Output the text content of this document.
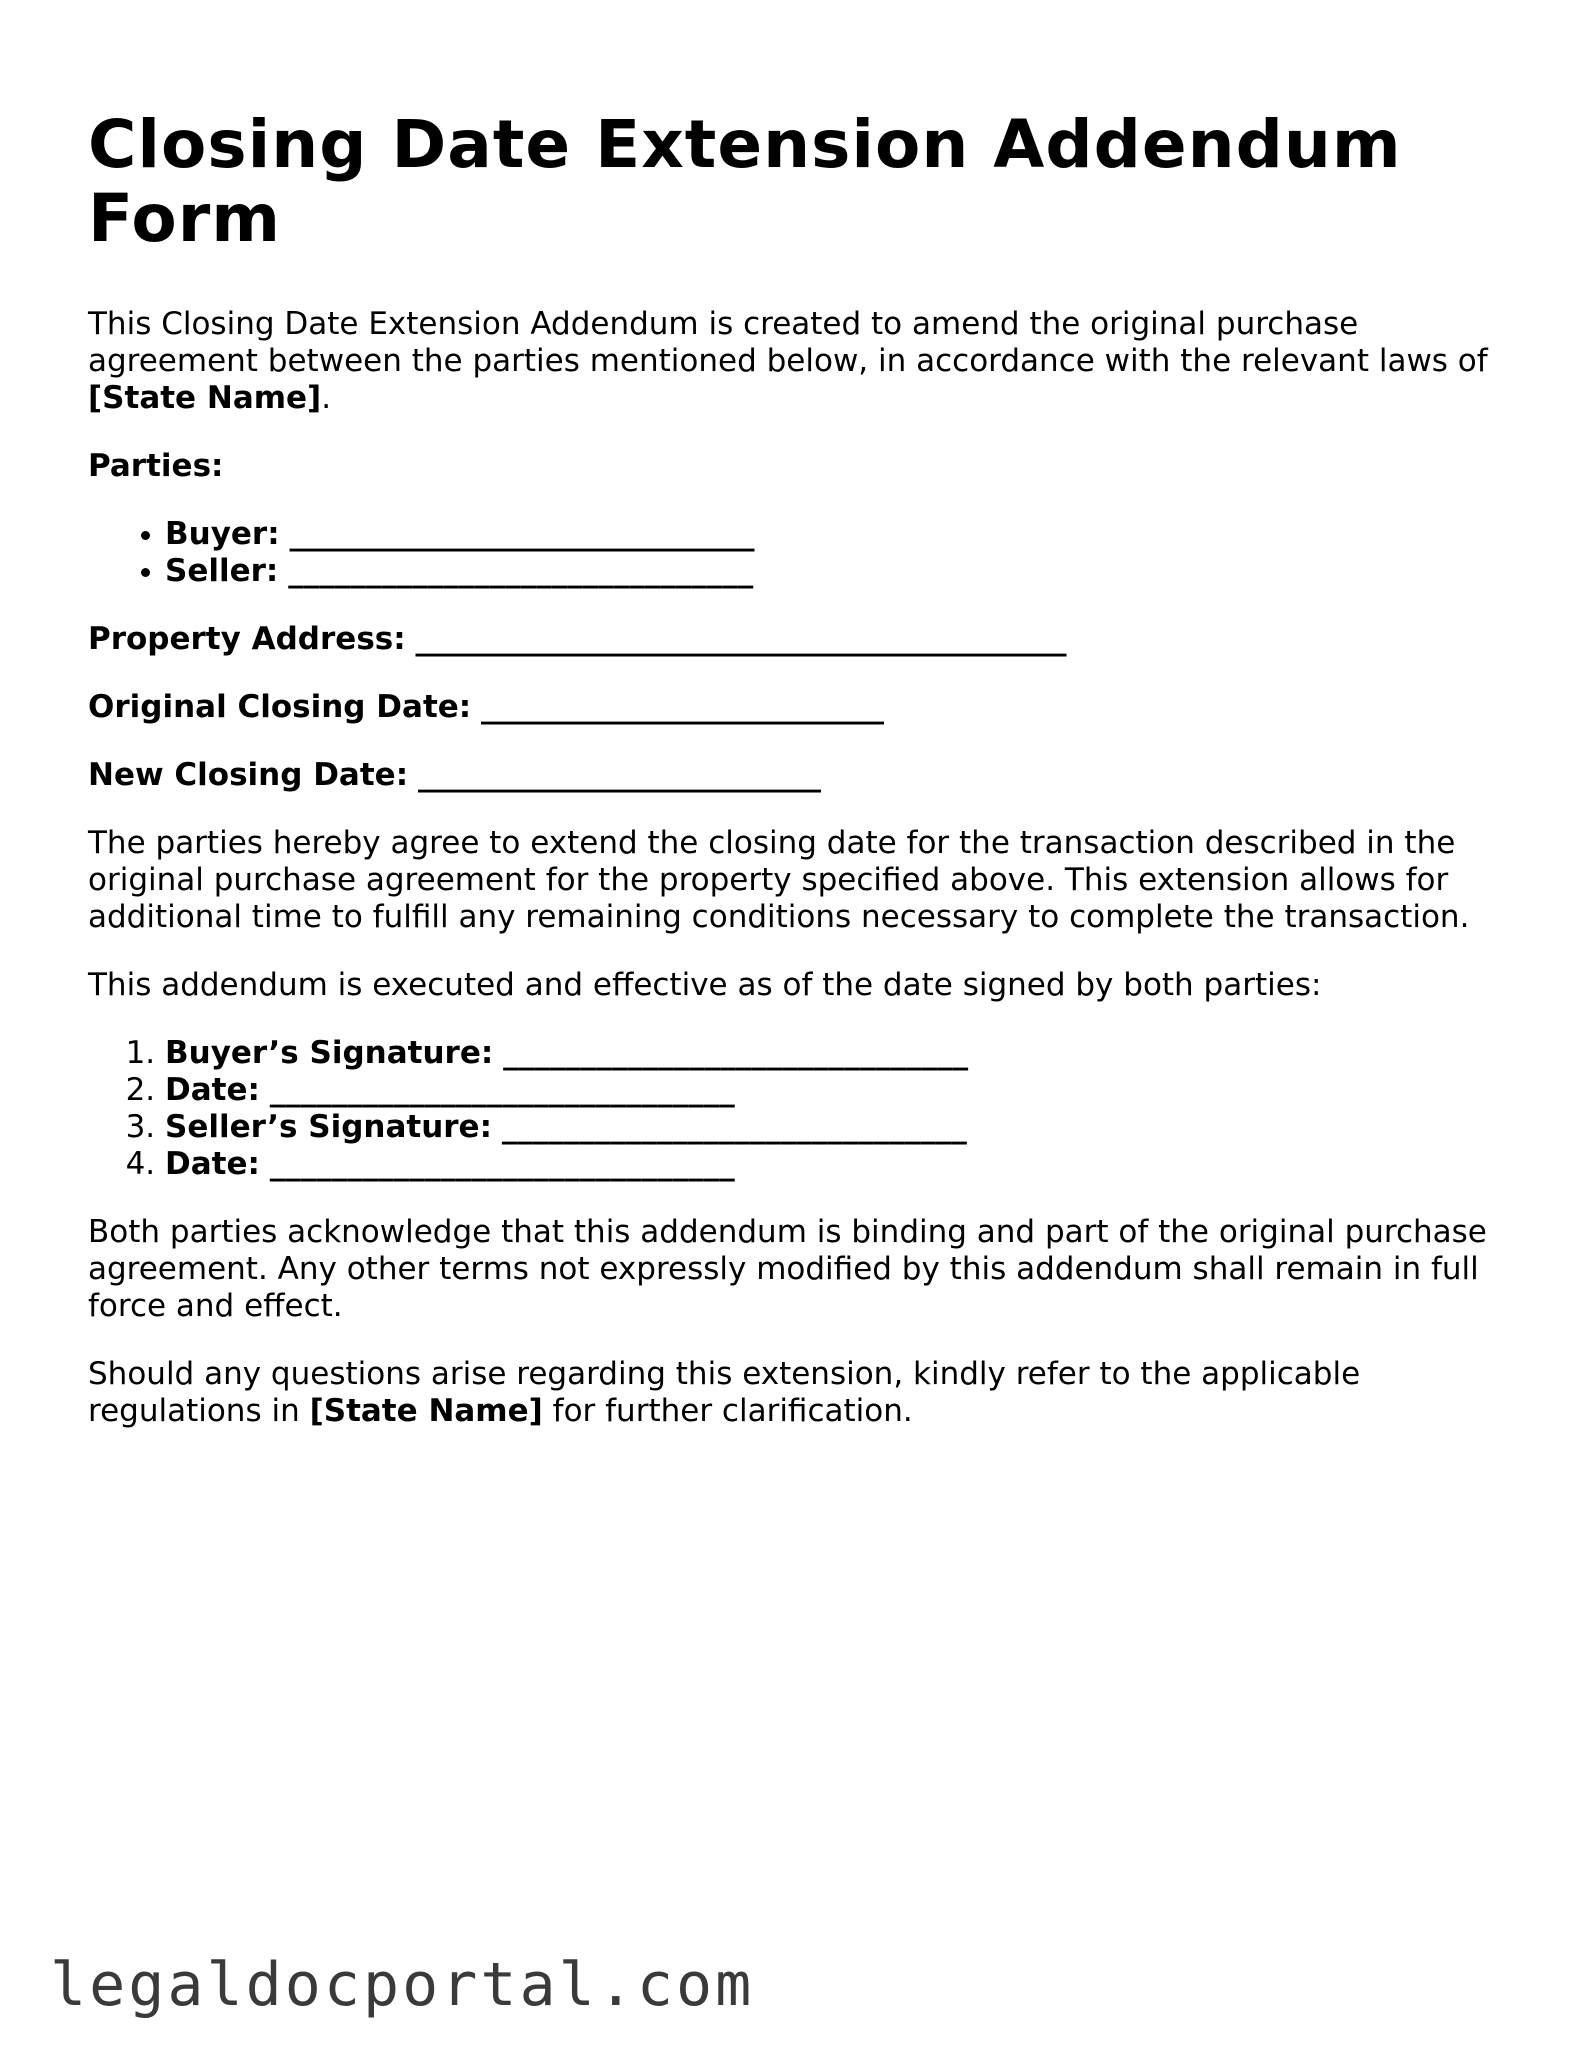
Closing Date Extension Addendum Form

This Closing Date Extension Addendum is created to amend the original purchase agreement between the parties mentioned below, in accordance with the relevant laws of [State Name].

Parties:

• Buyer: ______________________________
• Seller: ______________________________

Property Address: __________________________________________

Original Closing Date: __________________________

New Closing Date: __________________________

The parties hereby agree to extend the closing date for the transaction described in the original purchase agreement for the property specified above. This extension allows for additional time to fulfill any remaining conditions necessary to complete the transaction.

This addendum is executed and effective as of the date signed by both parties:

1. Buyer’s Signature: ______________________________
2. Date: ______________________________
3. Seller’s Signature: ______________________________
4. Date: ______________________________

Both parties acknowledge that this addendum is binding and part of the original purchase agreement. Any other terms not expressly modified by this addendum shall remain in full force and effect.

Should any questions arise regarding this extension, kindly refer to the applicable regulations in [State Name] for further clarification.

legaldocportal.com
